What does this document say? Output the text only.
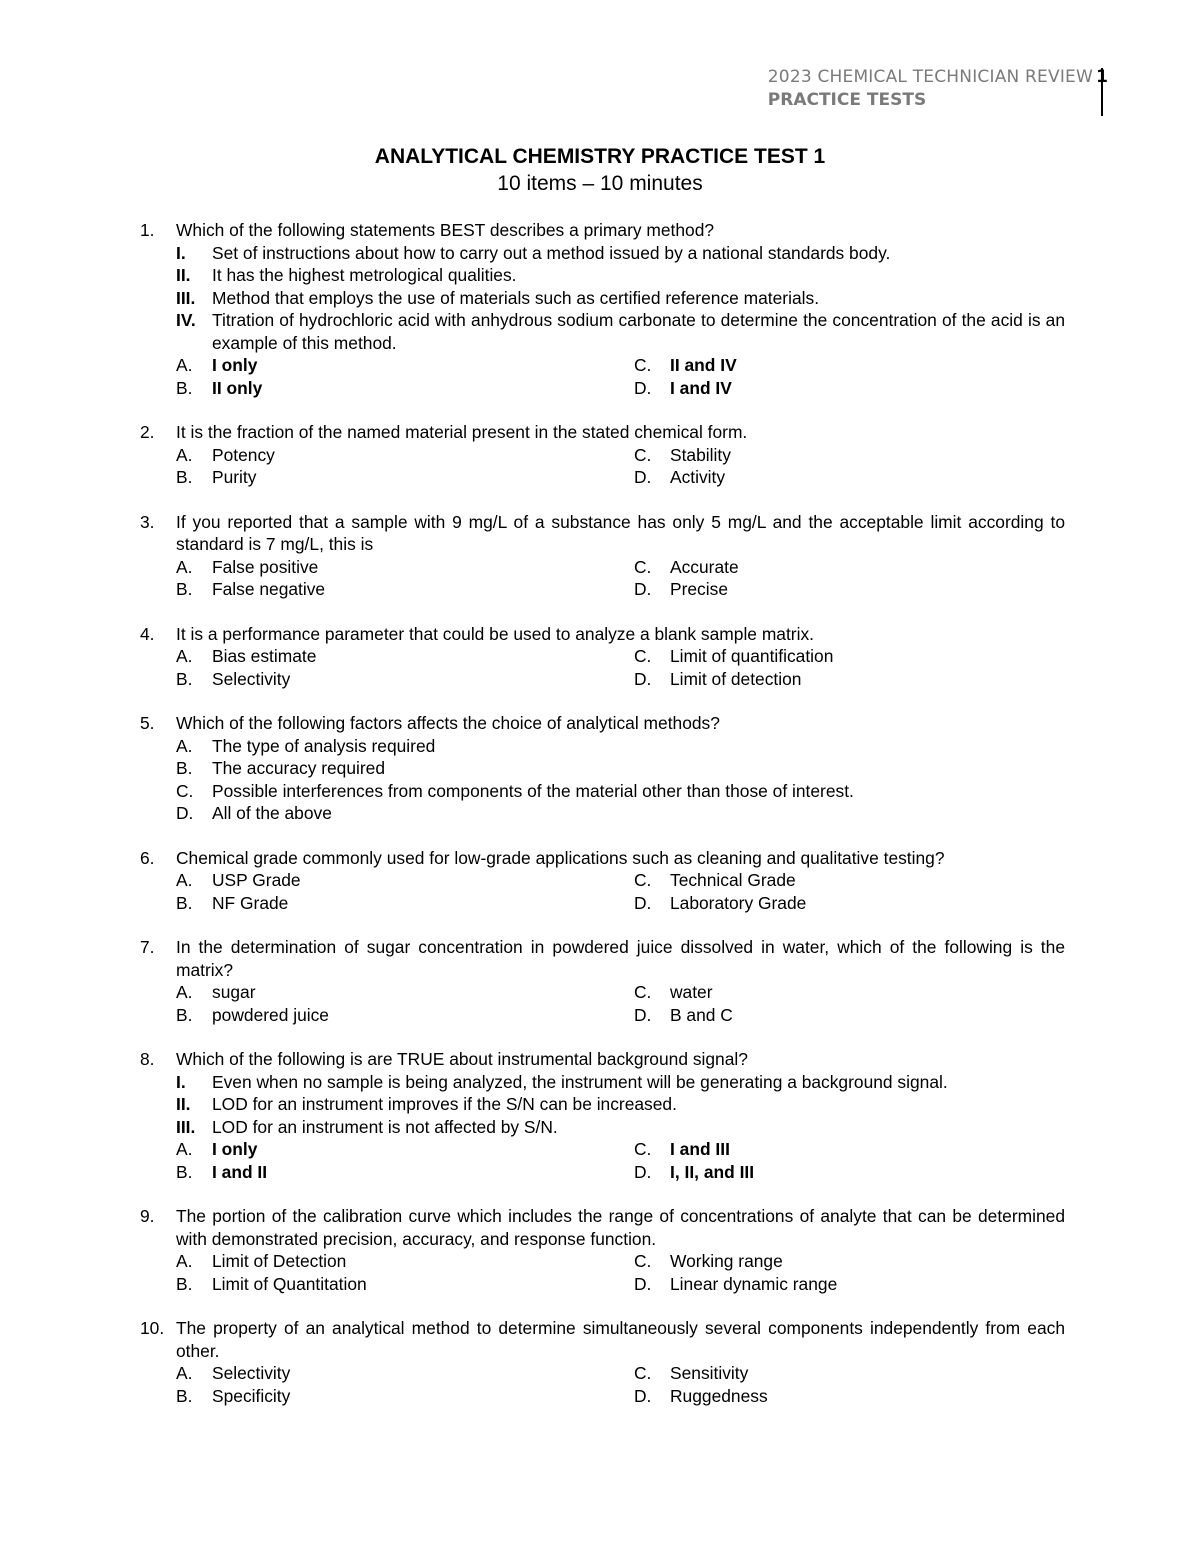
2023 CHEMICAL TECHNICIAN REVIEW
PRACTICE TESTS
1
ANALYTICAL CHEMISTRY PRACTICE TEST 1
10 items – 10 minutes
1.	Which of the following statements BEST describes a primary method?
I.	Set of instructions about how to carry out a method issued by a national standards body.
II.	It has the highest metrological qualities.
III. Method that employs the use of materials such as certified reference materials.
IV. Titration of hydrochloric acid with anhydrous sodium carbonate to determine the concentration of the acid is an example of this method.
A.	I only	C.	II and IV
B.	II only	D.	I and IV
2.	It is the fraction of the named material present in the stated chemical form.
A.	Potency	C.	Stability
B.	Purity	D.	Activity
3.	If you reported that a sample with 9 mg/L of a substance has only 5 mg/L and the acceptable limit according to standard is 7 mg/L, this is
A.	False positive	C.	Accurate
B.	False negative	D.	Precise
4.	It is a performance parameter that could be used to analyze a blank sample matrix.
A.	Bias estimate	C.	Limit of quantification
B.	Selectivity	D.	Limit of detection
5.	Which of the following factors affects the choice of analytical methods?
A.	The type of analysis required
B.	The accuracy required
C.	Possible interferences from components of the material other than those of interest.
D.	All of the above
6.	Chemical grade commonly used for low-grade applications such as cleaning and qualitative testing?
A.	USP Grade	C.	Technical Grade
B.	NF Grade	D.	Laboratory Grade
7.	In the determination of sugar concentration in powdered juice dissolved in water, which of the following is the matrix?
A.	sugar	C.	water
B.	powdered juice	D.	B and C
8.	Which of the following is are TRUE about instrumental background signal?
I.	Even when no sample is being analyzed, the instrument will be generating a background signal.
II.	LOD for an instrument improves if the S/N can be increased.
III. LOD for an instrument is not affected by S/N.
A.	I only	C.	I and III
B.	I and II	D.	I, II, and III
9.	The portion of the calibration curve which includes the range of concentrations of analyte that can be determined with demonstrated precision, accuracy, and response function.
A.	Limit of Detection	C.	Working range
B.	Limit of Quantitation	D.	Linear dynamic range
10. The property of an analytical method to determine simultaneously several components independently from each other.
A.	Selectivity	C.	Sensitivity
B.	Specificity	D.	Ruggedness
